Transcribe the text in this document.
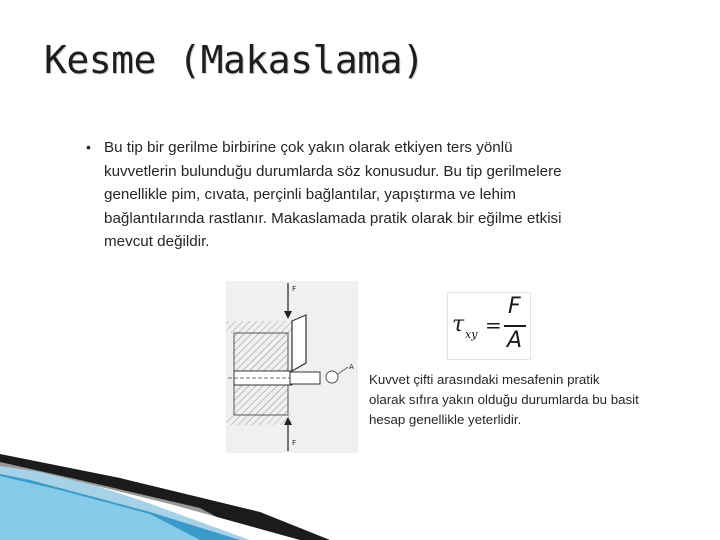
Kesme (Makaslama)
• Bu tip bir gerilme birbirine çok yakın olarak etkiyen ters yönlü kuvvetlerin bulunduğu durumlarda söz konusudur. Bu tip gerilmelere genellikle pim, cıvata, perçinli bağlantılar, yapıştırma ve lehim bağlantılarında rastlanır. Makaslamada pratik olarak bir eğilme etkisi mevcut değildir.
F
F
A
τ xy =
F
A
Kuvvet çifti arasındaki mesafenin pratik olarak sıfıra yakın olduğu durumlarda bu basit hesap genellikle yeterlidir.
